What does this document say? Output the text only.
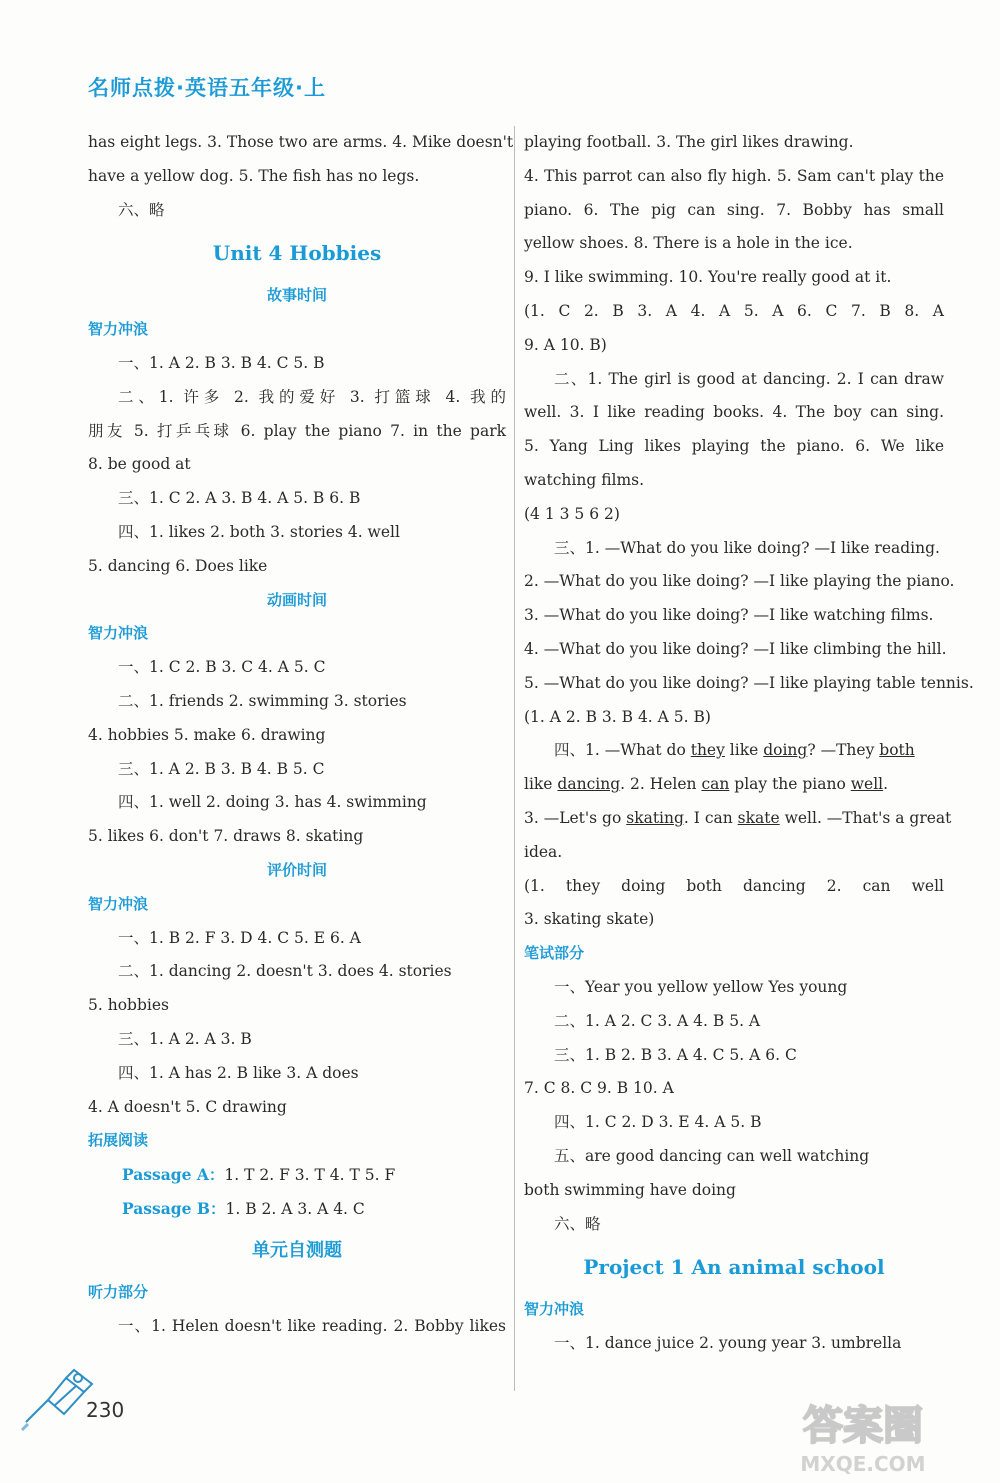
名师点拨·英语五年级·上
has eight legs. 3. Those two are arms. 4. Mike doesn't
have a yellow dog. 5. The fish has no legs.
六、略
Unit 4 Hobbies
故事时间
智力冲浪
一、1. A 2. B 3. B 4. C 5. B
二、1. 许多 2. 我的爱好 3. 打篮球 4. 我的
朋友 5. 打乒乓球 6. play the piano 7. in the park
8. be good at
三、1. C 2. A 3. B 4. A 5. B 6. B
四、1. likes 2. both 3. stories 4. well
5. dancing 6. Does like
动画时间
智力冲浪
一、1. C 2. B 3. C 4. A 5. C
二、1. friends 2. swimming 3. stories
4. hobbies 5. make 6. drawing
三、1. A 2. B 3. B 4. B 5. C
四、1. well 2. doing 3. has 4. swimming
5. likes 6. don't 7. draws 8. skating
评价时间
智力冲浪
一、1. B 2. F 3. D 4. C 5. E 6. A
二、1. dancing 2. doesn't 3. does 4. stories
5. hobbies
三、1. A 2. A 3. B
四、1. A has 2. B like 3. A does
4. A doesn't 5. C drawing
拓展阅读
Passage A：1. T 2. F 3. T 4. T 5. F
Passage B：1. B 2. A 3. A 4. C
单元自测题
听力部分
一、1. Helen doesn't like reading. 2. Bobby likes
playing football. 3. The girl likes drawing.
4. This parrot can also fly high. 5. Sam can't play the
piano. 6. The pig can sing. 7. Bobby has small
yellow shoes. 8. There is a hole in the ice.
9. I like swimming. 10. You're really good at it.
(1. C 2. B 3. A 4. A 5. A 6. C 7. B 8. A
9. A 10. B)
二、1. The girl is good at dancing. 2. I can draw
well. 3. I like reading books. 4. The boy can sing.
5. Yang Ling likes playing the piano. 6. We like
watching films.
(4 1 3 5 6 2)
三、1. —What do you like doing? —I like reading.
2. —What do you like doing? —I like playing the piano.
3. —What do you like doing? —I like watching films.
4. —What do you like doing? —I like climbing the hill.
5. —What do you like doing? —I like playing table tennis.
(1. A 2. B 3. B 4. A 5. B)
四、1. —What do they like doing? —They both
like dancing. 2. Helen can play the piano well.
3. —Let's go skating. I can skate well. —That's a great
idea.
(1. they doing both dancing 2. can well
3. skating skate)
笔试部分
一、Year you yellow yellow Yes young
二、1. A 2. C 3. A 4. B 5. A
三、1. B 2. B 3. A 4. C 5. A 6. C
7. C 8. C 9. B 10. A
四、1. C 2. D 3. E 4. A 5. B
五、are good dancing can well watching
both swimming have doing
六、略
Project 1 An animal school
智力冲浪
一、1. dance juice 2. young year 3. umbrella
230	答案圈
MXQE.COM
